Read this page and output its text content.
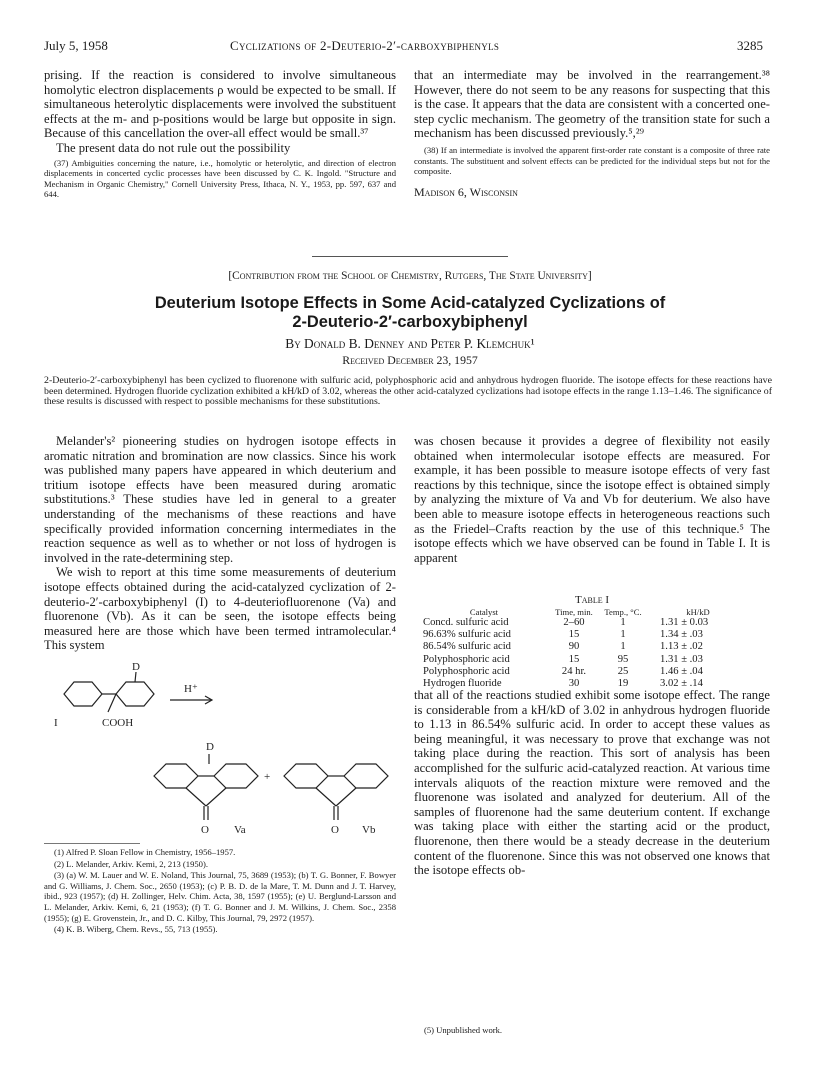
July 5, 1958	Cyclizations of 2-Deuterio-2′-carboxybiphenyls	3285

prising. If the reaction is considered to involve simultaneous homolytic electron displacements ρ would be expected to be small. If simultaneous heterolytic displacements were involved the substituent effects at the m- and p-positions would be large but opposite in sign. Because of this cancellation the over-all effect would be small.³⁷

The present data do not rule out the possibility

(37) Ambiguities concerning the nature, i.e., homolytic or heterolytic, and direction of electron displacements in concerted cyclic processes have been discussed by C. K. Ingold. "Structure and Mechanism in Organic Chemistry," Cornell University Press, Ithaca, N. Y., 1953, pp. 597, 637 and 644.

that an intermediate may be involved in the rearrangement.³⁸ However, there do not seem to be any reasons for suspecting that this is the case. It appears that the data are consistent with a concerted one-step cyclic mechanism. The geometry of the transition state for such a mechanism has been discussed previously.⁵,²⁹

(38) If an intermediate is involved the apparent first-order rate constant is a composite of three rate constants. The substituent and solvent effects can be predicted for the individual steps but not for the composite.

Madison 6, Wisconsin
[Contribution from the School of Chemistry, Rutgers, The State University]
Deuterium Isotope Effects in Some Acid-catalyzed Cyclizations of
2-Deuterio-2′-carboxybiphenyl
By Donald B. Denney and Peter P. Klemchuk¹
Received December 23, 1957
2-Deuterio-2′-carboxybiphenyl has been cyclized to fluorenone with sulfuric acid, polyphosphoric acid and anhydrous hydrogen fluoride. The isotope effects for these reactions have been determined. Hydrogen fluoride cyclization exhibited a kH/kD of 3.02, whereas the other acid-catalyzed cyclizations had isotope effects in the range 1.13–1.46. The significance of these results is discussed with respect to possible mechanisms for these substitutions.

Melander's² pioneering studies on hydrogen isotope effects in aromatic nitration and bromination are now classics. Since his work was published many papers have appeared in which deuterium and tritium isotope effects have been measured during aromatic substitutions.³ These studies have led in general to a greater understanding of the mechanisms of these reactions and have specifically provided information concerning intermediates in the reaction sequence as well as to whether or not loss of hydrogen is involved in the rate-determining step.

We wish to report at this time some measurements of deuterium isotope effects obtained during the acid-catalyzed cyclization of 2-deuterio-2′-carboxybiphenyl (I) to 4-deuteriofluorenone (Va) and fluorenone (Vb). As it can be seen, the isotope effects being measured here are those which have been termed intramolecular.⁴ This system

D
H⁺
I	COOH
D
+
O Va	O Vb

(1) Alfred P. Sloan Fellow in Chemistry, 1956–1957.

(2) L. Melander, Arkiv. Kemi, 2, 213 (1950).

(3) (a) W. M. Lauer and W. E. Noland, This Journal, 75, 3689 (1953); (b) T. G. Bonner, F. Bowyer and G. Williams, J. Chem. Soc., 2650 (1953); (c) P. B. D. de la Mare, T. M. Dunn and J. T. Harvey, ibid., 923 (1957); (d) H. Zollinger, Helv. Chim. Acta, 38, 1597 (1955); (e) U. Berglund-Larsson and L. Melander, Arkiv. Kemi, 6, 21 (1953); (f) T. G. Bonner and J. M. Wilkins, J. Chem. Soc., 2358 (1955); (g) E. Grovenstein, Jr., and D. C. Kilby, This Journal, 79, 2972 (1957).

(4) K. B. Wiberg, Chem. Revs., 55, 713 (1955).

was chosen because it provides a degree of flexibility not easily obtained when intermolecular isotope effects are measured. For example, it has been possible to measure isotope effects of very fast reactions by this technique, since the isotope effect is obtained simply by analyzing the mixture of Va and Vb for deuterium. We also have been able to measure isotope effects in heterogeneous reactions such as the Friedel–Crafts reaction by the use of this technique.⁵ The isotope effects which we have observed can be found in Table I. It is apparent

Table I
Catalyst	Time, min.	Temp., °C.	kH/kD
Concd. sulfuric acid	2–60	1	1.31 ± 0.03
96.63% sulfuric acid	15	1	1.34 ± .03
86.54% sulfuric acid	90	1	1.13 ± .02
Polyphosphoric acid	15	95	1.31 ± .03
Polyphosphoric acid	24 hr.	25	1.46 ± .04
Hydrogen fluoride	30	19	3.02 ± .14

that all of the reactions studied exhibit some isotope effect. The range is considerable from a kH/kD of 3.02 in anhydrous hydrogen fluoride to 1.13 in 86.54% sulfuric acid. In order to accept these values as being meaningful, it was necessary to prove that exchange was not taking place during the reaction. This sort of analysis has been accomplished for the sulfuric acid-catalyzed reaction. At various time intervals aliquots of the reaction mixture were removed and the fluorenone was isolated and analyzed for deuterium. All of the samples of fluorenone had the same deuterium content. If exchange was taking place with either the starting acid or the product, fluorenone, then there would be a steady decrease in the deuterium content of the fluorenone. Since this was not observed one knows that the isotope effects ob-

(5) Unpublished work.
